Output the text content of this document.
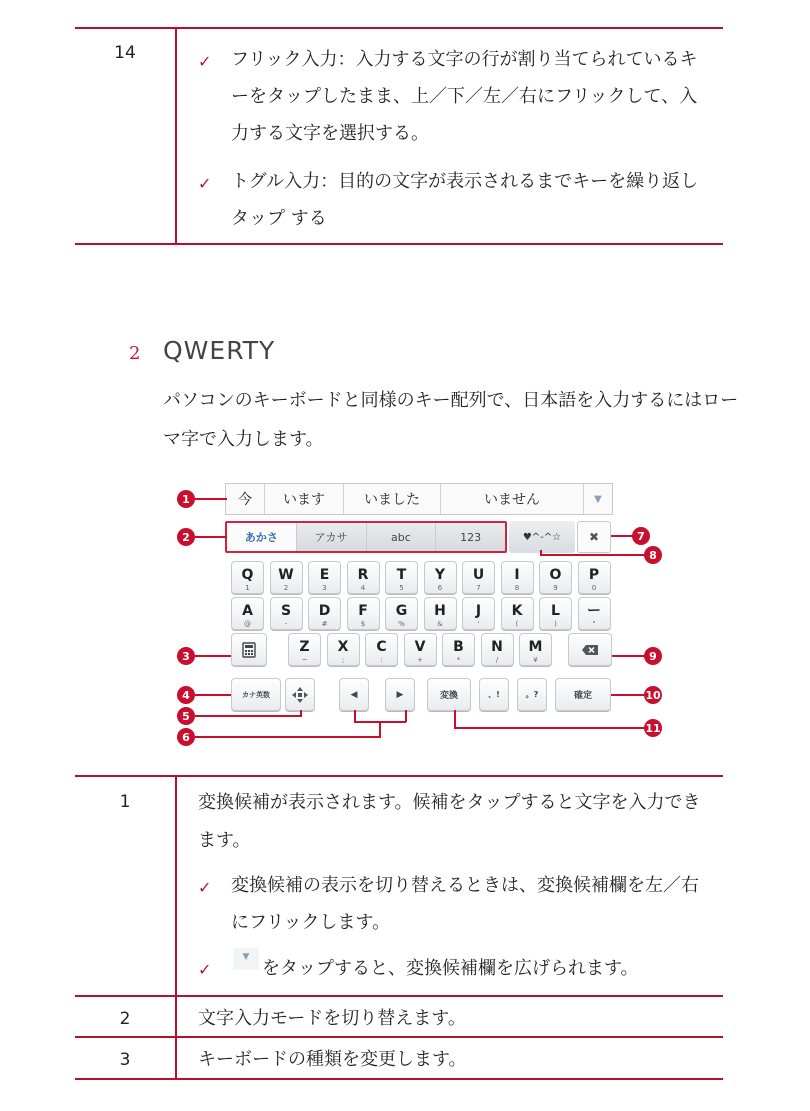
14	✓ フリック入力：入力する文字の行が割り当てられているキーをタップしたまま、上／下／左／右にフリックして、入力する文字を選択する。
✓ トグル入力：目的の文字が表示されるまでキーを繰り返しタップ する
2 QWERTY
パソコンのキーボードと同様のキー配列で、日本語を入力するにはローマ字で入力します。
今	います	いました	いません	▼
あかさ	アカサ	abc	123	♥^-^☆	✖
Q
1
W
2
E
3
R
4
T
5
Y
6
U
7
I
8
O
9
P
0
A
@
S
-
D
#
F
$
G
%
H
&
J
'
K
(
L
)
ー
"
Z
~
X
;
C
:
V
+
B
*
N
/
M
¥
カナ英数	◀	▶	変換	、!	。?	確定
1
2
3
4
5
6
7
8
9
10
11
1	変換候補が表示されます。候補をタップすると文字を入力できます。
✓ 変換候補の表示を切り替えるときは、変換候補欄を左／右にフリックします。
✓
▼
をタップすると、変換候補欄を広げられます。
2	文字入力モードを切り替えます。
3	キーボードの種類を変更します。
